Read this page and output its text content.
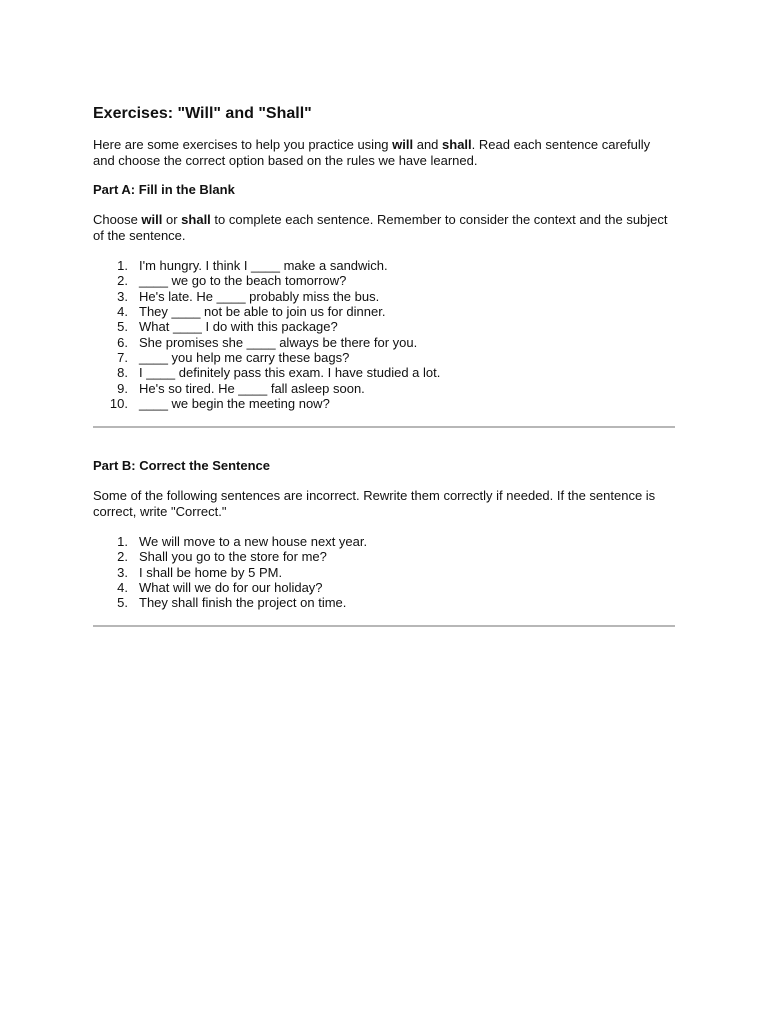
Exercises: "Will" and "Shall"

Here are some exercises to help you practice using will and shall. Read each sentence carefully and choose the correct option based on the rules we have learned.

Part A: Fill in the Blank

Choose will or shall to complete each sentence. Remember to consider the context and the subject of the sentence.

1. I'm hungry. I think I ____ make a sandwich.
2. ____ we go to the beach tomorrow?
3. He's late. He ____ probably miss the bus.
4. They ____ not be able to join us for dinner.
5. What ____ I do with this package?
6. She promises she ____ always be there for you.
7. ____ you help me carry these bags?
8. I ____ definitely pass this exam. I have studied a lot.
9. He's so tired. He ____ fall asleep soon.
10. ____ we begin the meeting now?
Part B: Correct the Sentence

Some of the following sentences are incorrect. Rewrite them correctly if needed. If the sentence is correct, write "Correct."

1. We will move to a new house next year.
2. Shall you go to the store for me?
3. I shall be home by 5 PM.
4. What will we do for our holiday?
5. They shall finish the project on time.
